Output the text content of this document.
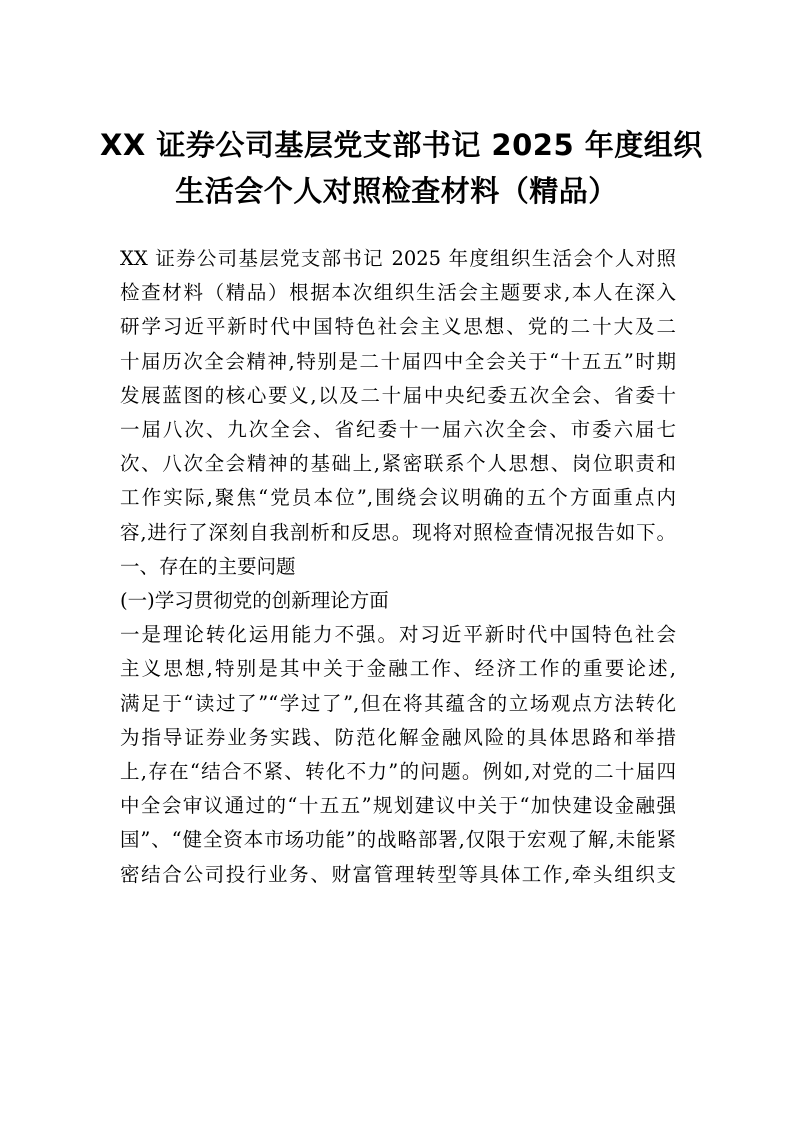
XX 证券公司基层党支部书记 2025 年度组织
生活会个人对照检查材料（精品）

XX 证券公司基层党支部书记 2025 年度组织生活会个人对照

检查材料（精品）根据本次组织生活会主题要求,本人在深入

研学习近平新时代中国特色社会主义思想、党的二十大及二

十届历次全会精神,特别是二十届四中全会关于“十五五”时期

发展蓝图的核心要义,以及二十届中央纪委五次全会、省委十

一届八次、九次全会、省纪委十一届六次全会、市委六届七

次、八次全会精神的基础上,紧密联系个人思想、岗位职责和

工作实际,聚焦“党员本位”,围绕会议明确的五个方面重点内

容,进行了深刻自我剖析和反思。现将对照检查情况报告如下。

一、存在的主要问题

(一)学习贯彻党的创新理论方面

一是理论转化运用能力不强。对习近平新时代中国特色社会

主义思想,特别是其中关于金融工作、经济工作的重要论述,

满足于“读过了”“学过了”,但在将其蕴含的立场观点方法转化

为指导证券业务实践、防范化解金融风险的具体思路和举措

上,存在“结合不紧、转化不力”的问题。例如,对党的二十届四

中全会审议通过的“十五五”规划建议中关于“加快建设金融强

国”、“健全资本市场功能”的战略部署,仅限于宏观了解,未能紧

密结合公司投行业务、财富管理转型等具体工作,牵头组织支
